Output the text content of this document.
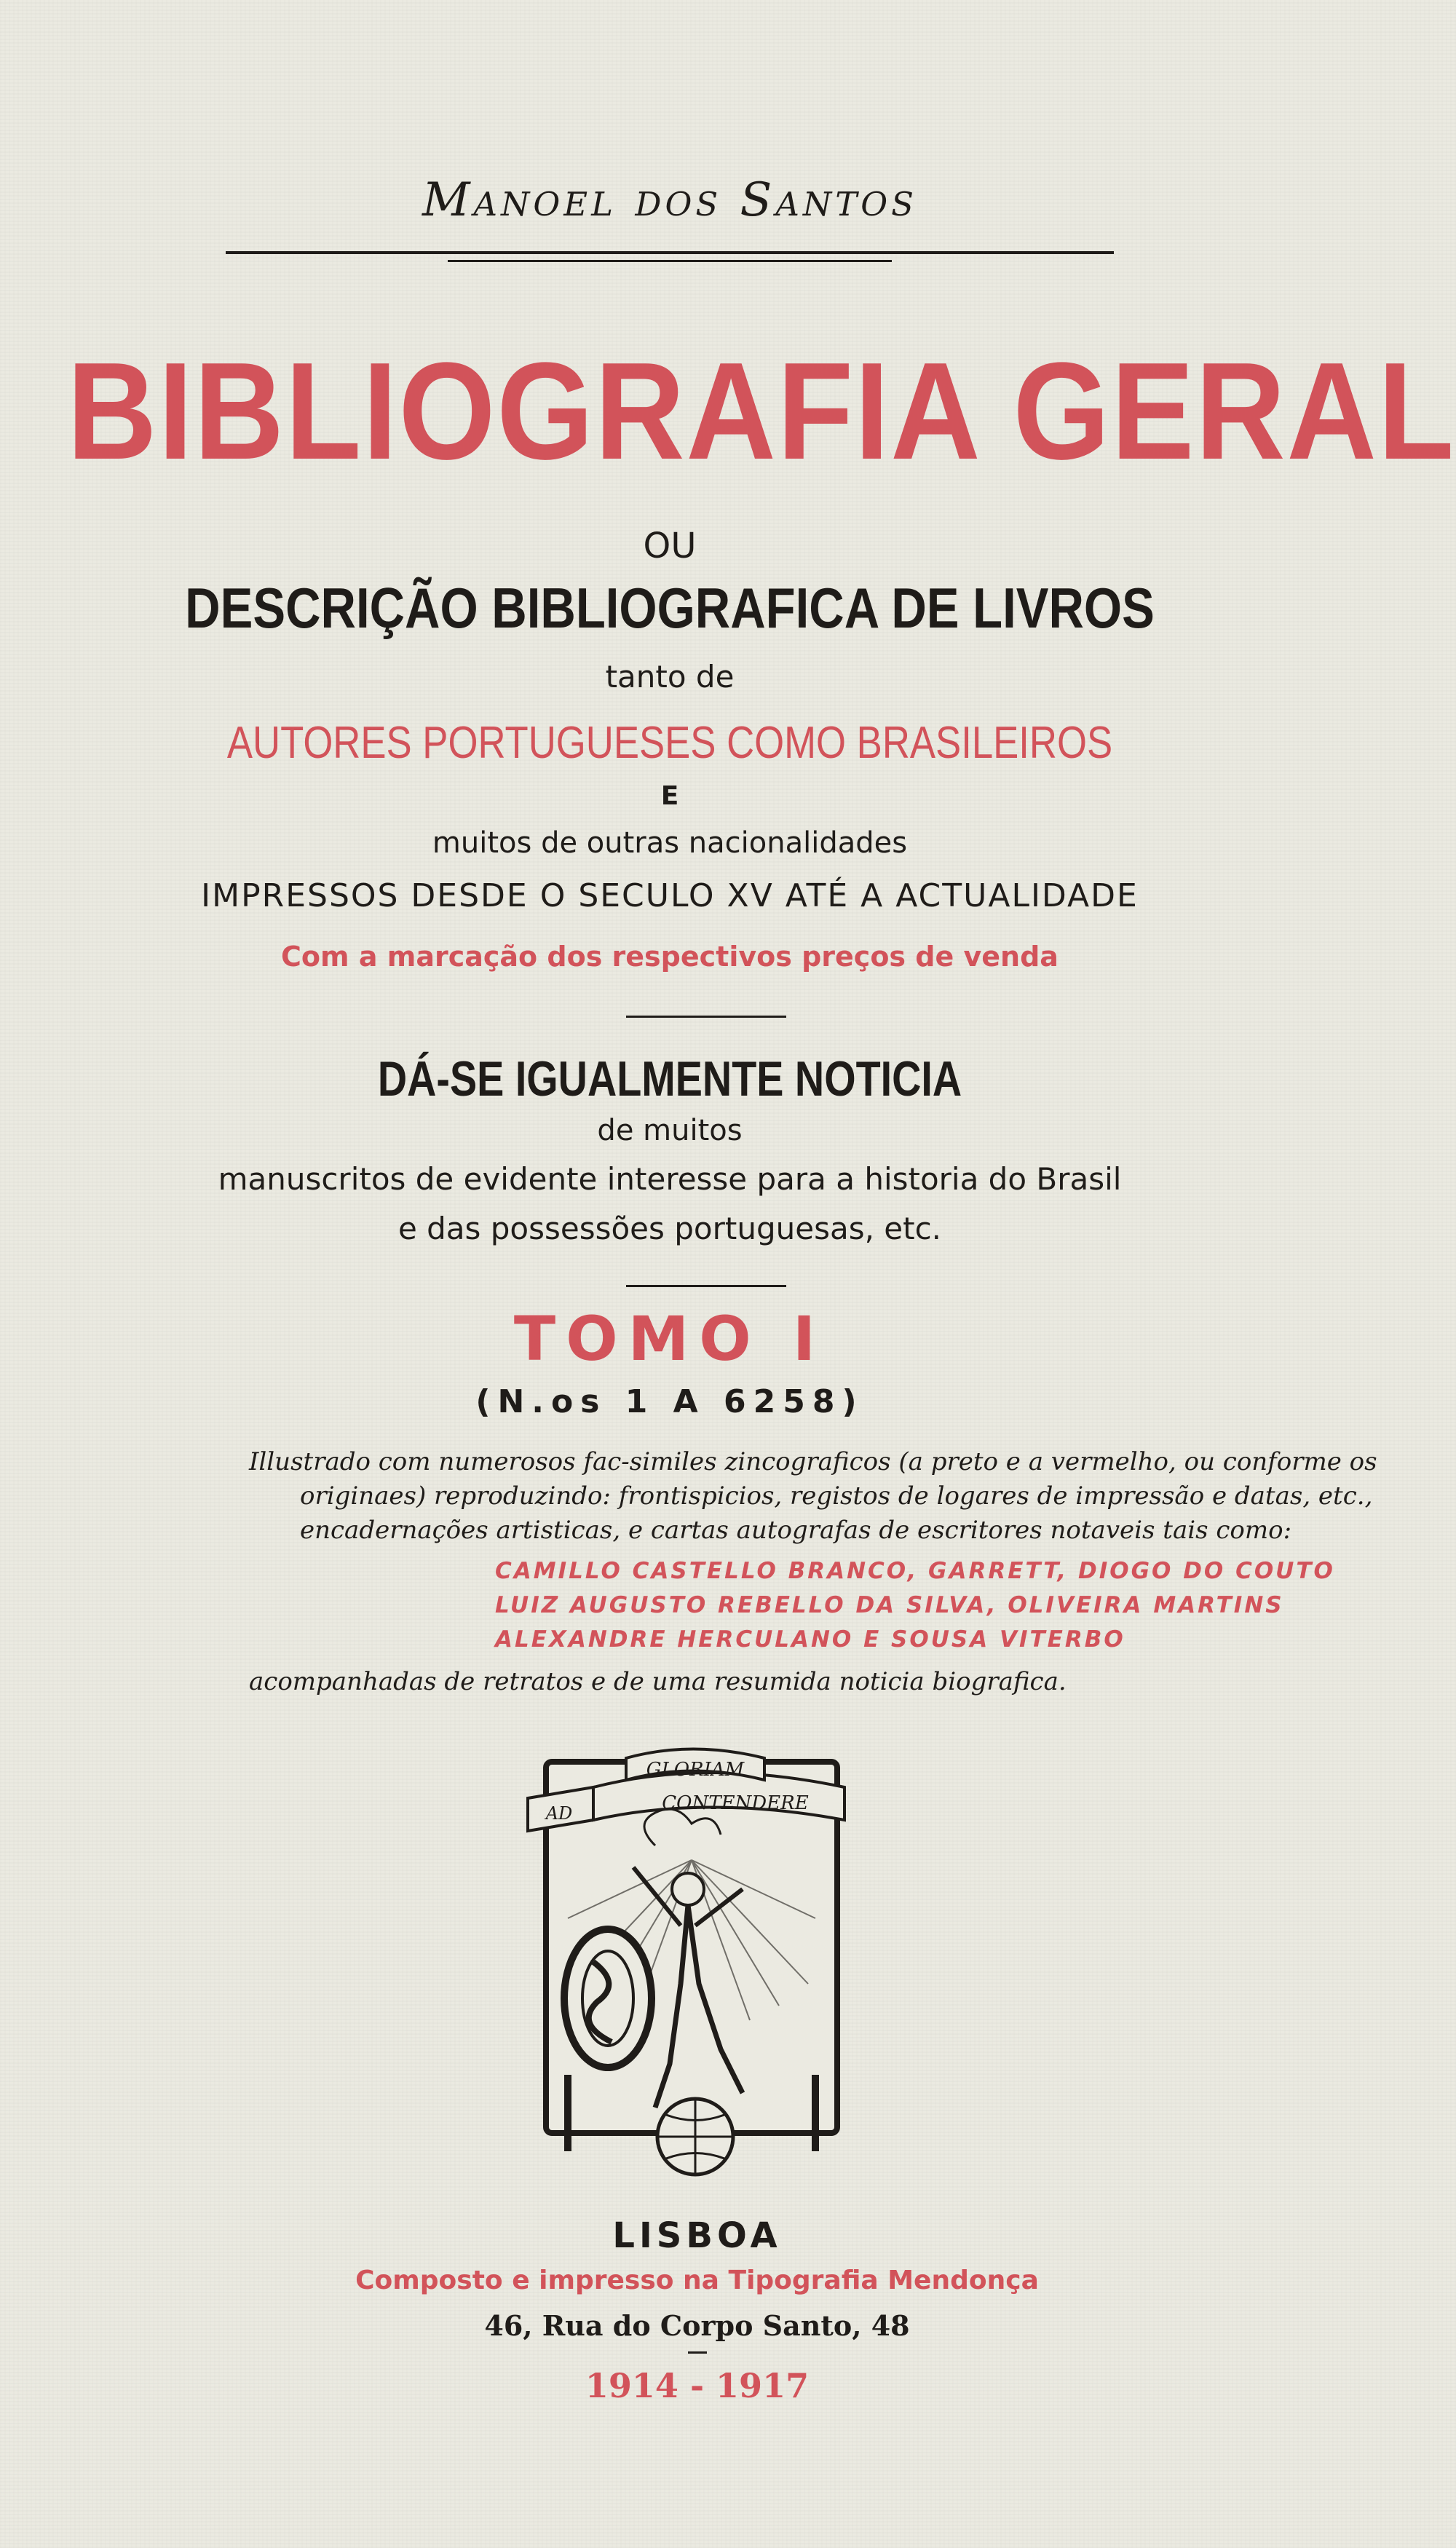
Manoel dos Santos
BIBLIOGRAFIA GERAL
OU
DESCRIÇÃO BIBLIOGRAFICA DE LIVROS
tanto de
AUTORES PORTUGUESES COMO BRASILEIROS
E
muitos de outras nacionalidades
IMPRESSOS DESDE O SECULO XV ATÉ A ACTUALIDADE
Com a marcação dos respectivos preços de venda
DÁ-SE IGUALMENTE NOTICIA
de muitos
manuscritos de evidente interesse para a historia do Brasil
e das possessões portuguesas, etc.
TOMO I
(N.os 1 A 6258)
Illustrado com numerosos fac-similes zincograficos (a preto e a vermelho, ou conforme os
originaes) reproduzindo: frontispicios, registos de logares de impressão e datas, etc.,
encadernações artisticas, e cartas autografas de escritores notaveis tais como:
CAMILLO CASTELLO BRANCO, GARRETT, DIOGO DO COUTO
LUIZ AUGUSTO REBELLO DA SILVA, OLIVEIRA MARTINS
ALEXANDRE HERCULANO E SOUSA VITERBO
acompanhadas de retratos e de uma resumida noticia biografica.
GLORIAM
AD	CONTENDERE
LISBOA
Composto e impresso na Tipografia Mendonça
46, Rua do Corpo Santo, 48
1914 - 1917
